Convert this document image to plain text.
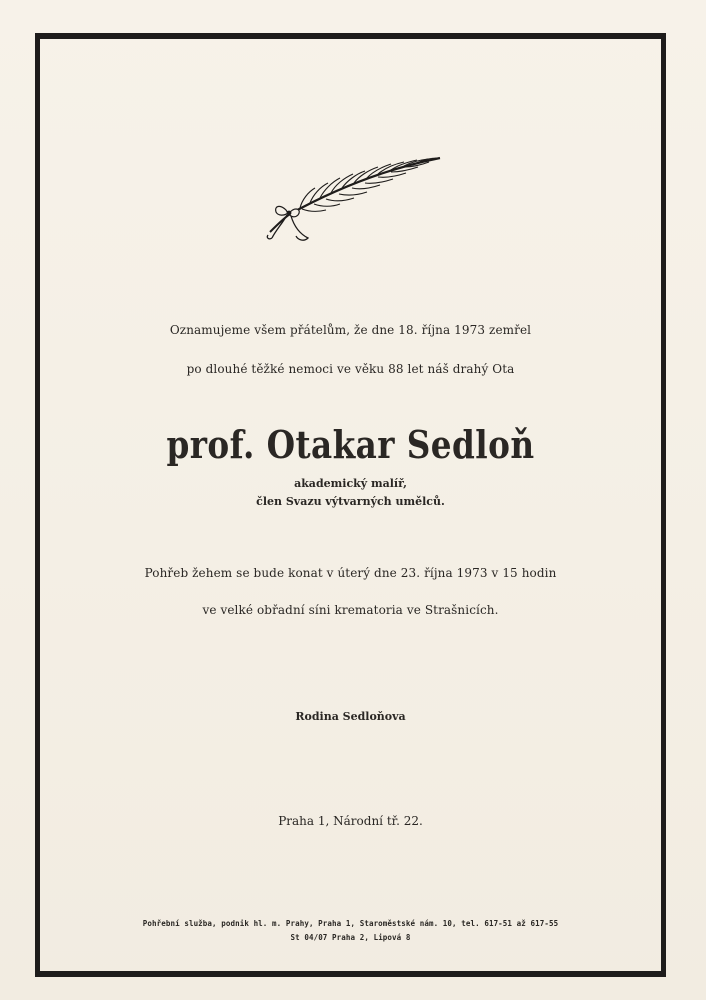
Oznamujeme všem přátelům, že dne 18. října 1973 zemřel
po dlouhé těžké nemoci ve věku 88 let náš drahý Ota
prof. Otakar Sedloň
akademický malíř,
člen Svazu výtvarných umělců.
Pohřeb žehem se bude konat v úterý dne 23. října 1973 v 15 hodin
ve velké obřadní síni krematoria ve Strašnicích.
Rodina Sedloňova
Praha 1, Národní tř. 22.
Pohřební služba, podnik hl. m. Prahy, Praha 1, Staroměstské nám. 10, tel. 617-51 až 617-55
St 04/07 Praha 2, Lipová 8
